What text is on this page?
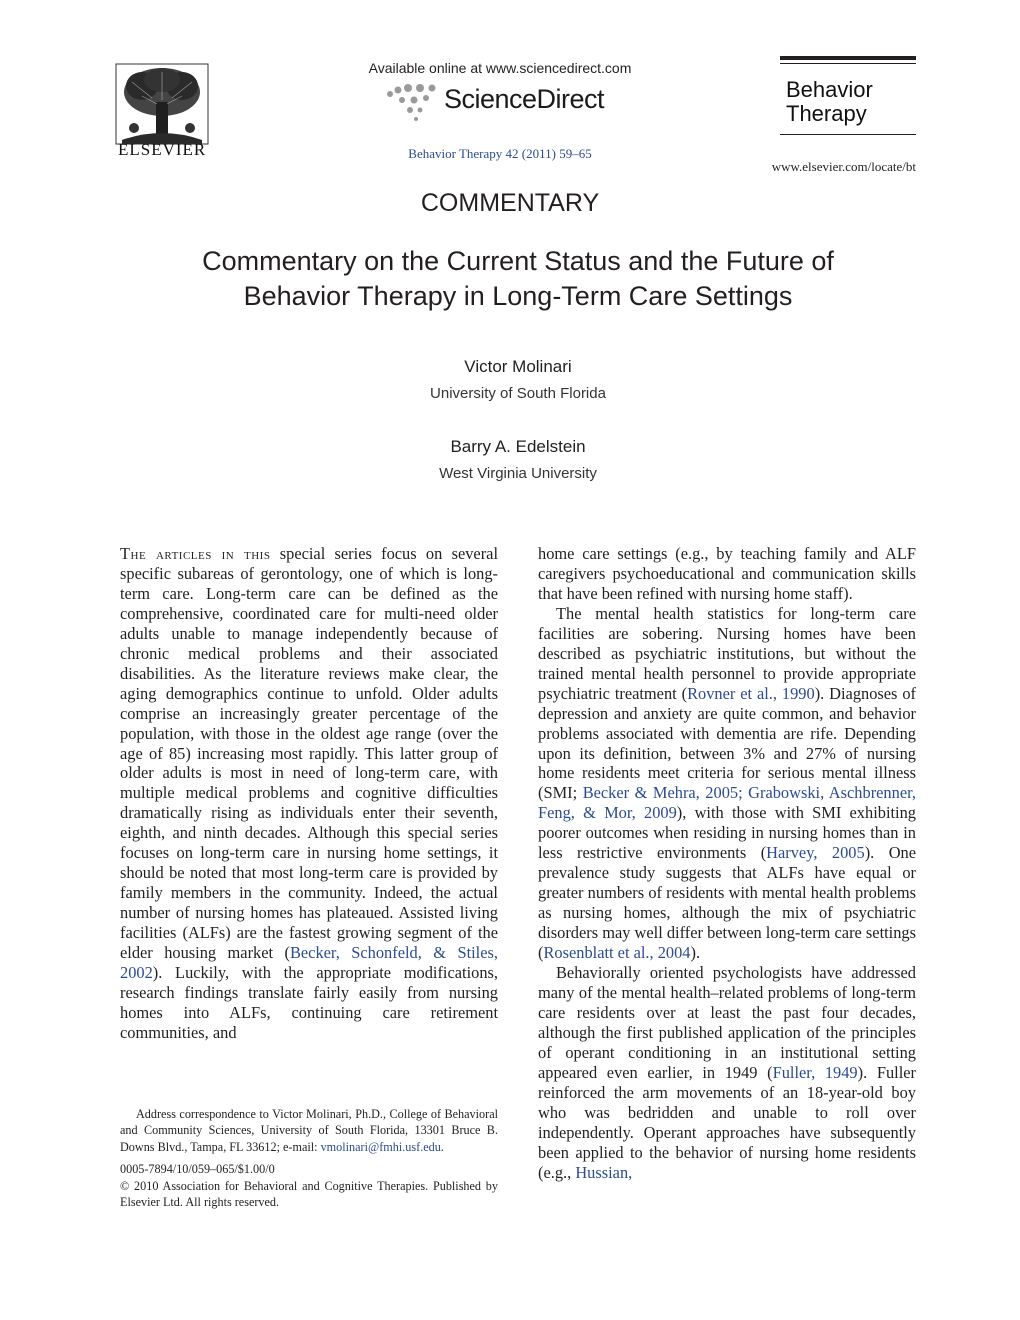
ELSEVIER
Available online at www.sciencedirect.com
ScienceDirect
Behavior Therapy 42 (2011) 59–65
Behavior
Therapy
www.elsevier.com/locate/bt
COMMENTARY
Commentary on the Current Status and the Future of
Behavior Therapy in Long-Term Care Settings
Victor Molinari
University of South Florida
Barry A. Edelstein
West Virginia University

The articles in this special series focus on several specific subareas of gerontology, one of which is long-term care. Long-term care can be defined as the comprehensive, coordinated care for multi-need older adults unable to manage independently because of chronic medical problems and their associated disabilities. As the literature reviews make clear, the aging demographics continue to unfold. Older adults comprise an increasingly greater percentage of the population, with those in the oldest age range (over the age of 85) increasing most rapidly. This latter group of older adults is most in need of long-term care, with multiple medical problems and cognitive difficulties dramatically rising as individuals enter their seventh, eighth, and ninth decades. Although this special series focuses on long-term care in nursing home settings, it should be noted that most long-term care is provided by family members in the community. Indeed, the actual number of nursing homes has plateaued. Assisted living facilities (ALFs) are the fastest growing segment of the elder housing market (Becker, Schonfeld, & Stiles, 2002). Luckily, with the appropriate modifications, research findings translate fairly easily from nursing homes into ALFs, continuing care retirement communities, and

Address correspondence to Victor Molinari, Ph.D., College of Behavioral and Community Sciences, University of South Florida, 13301 Bruce B. Downs Blvd., Tampa, FL 33612; e-mail: vmolinari@fmhi.usf.edu.

0005-7894/10/059–065/$1.00/0

© 2010 Association for Behavioral and Cognitive Therapies. Published by Elsevier Ltd. All rights reserved.

home care settings (e.g., by teaching family and ALF caregivers psychoeducational and communication skills that have been refined with nursing home staff).

The mental health statistics for long-term care facilities are sobering. Nursing homes have been described as psychiatric institutions, but without the trained mental health personnel to provide appropriate psychiatric treatment (Rovner et al., 1990). Diagnoses of depression and anxiety are quite common, and behavior problems associated with dementia are rife. Depending upon its definition, between 3% and 27% of nursing home residents meet criteria for serious mental illness (SMI; Becker & Mehra, 2005; Grabowski, Aschbrenner, Feng, & Mor, 2009), with those with SMI exhibiting poorer outcomes when residing in nursing homes than in less restrictive environments (Harvey, 2005). One prevalence study suggests that ALFs have equal or greater numbers of residents with mental health problems as nursing homes, although the mix of psychiatric disorders may well differ between long-term care settings (Rosenblatt et al., 2004).

Behaviorally oriented psychologists have addressed many of the mental health–related problems of long-term care residents over at least the past four decades, although the first published application of the principles of operant conditioning in an institutional setting appeared even earlier, in 1949 (Fuller, 1949). Fuller reinforced the arm movements of an 18-year-old boy who was bedridden and unable to roll over independently. Operant approaches have subsequently been applied to the behavior of nursing home residents (e.g., Hussian,
